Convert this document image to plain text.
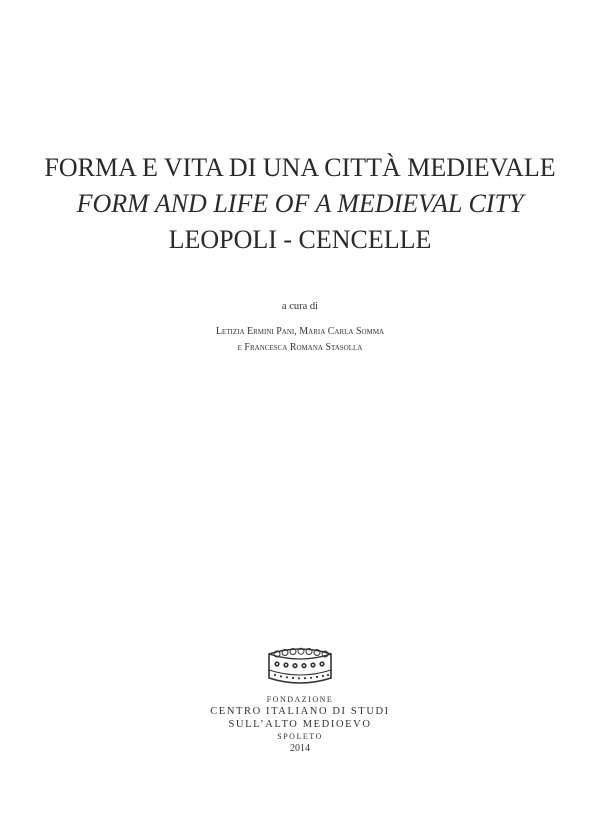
FORMA E VITA DI UNA CITTÀ MEDIEVALE
FORM AND LIFE OF A MEDIEVAL CITY
LEOPOLI - CENCELLE
a cura di
Letizia Ermini Pani, Maria Carla Somma
e Francesca Romana Stasolla
FONDAZIONE
CENTRO ITALIANO DI STUDI
SULL’ALTO MEDIOEVO
SPOLETO
2014
